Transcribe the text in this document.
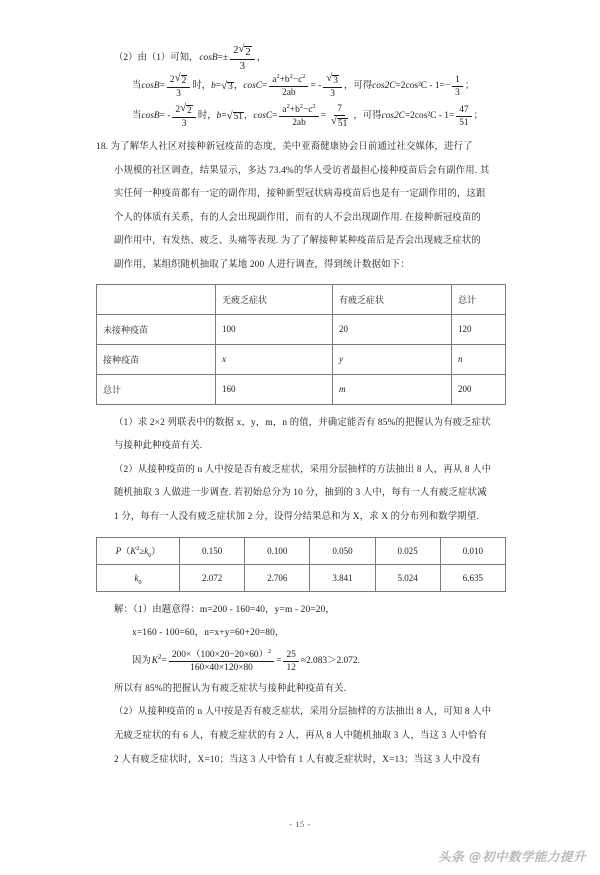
（2）由（1）可知， $\cos B =\pm \frac{2 √ 2}{3}$ ，
当 $\cos B = \frac{2 √ 2}{3}$ 时， b = √ 3 ， $\cos C = \frac{a^2+b^2-c^2}{2ab}$ = - $\frac{√ 3}{3}$ ，可得 $\cos 2C =2\cos^2C - 1= - \frac{1}{3}$ ；
当 cosB = - $\frac{2 √ 2}{3}$ 时， b = √ 51 ， $\cos C = \frac{a^2+b^2-c^2}{2ab} = \frac{7}{√ 51}$ ，可得 $\cos 2C =2\cos^2C - 1= \frac{47}{51}$ ；
18. 为了解华人社区对接种新冠疫苗的态度，美中亚裔健康协会日前通过社交媒体，进行了
小规模的社区调查，结果显示，多达 73.4%的华人受访者最担心接种疫苗后会有副作用. 其
实任何一种疫苗都有一定的副作用，接种新型冠状病毒疫苗后也是有一定副作用的，这跟
个人的体质有关系，有的人会出现副作用，而有的人不会出现副作用. 在接种新冠疫苗的
副作用中，有发热、疲乏、头痛等表现. 为了了解接种某种疫苗后是否会出现疲乏症状的
副作用，某组织随机抽取了某地 200 人进行调查，得到统计数据如下：
	无疲乏症状	有疲乏症状	总计
未接种疫苗	100	20	120
接种疫苗	x	y	n
总计	160	m	200
（1）求 2×2 列联表中的数据 x，y，m，n 的值，并确定能否有 85%的把握认为有疲乏症状
与接种此种疫苗有关.
（2）从接种疫苗的 n 人中按是否有疲乏症状，采用分层抽样的方法抽出 8 人，再从 8 人中
随机抽取 3 人做进一步调查. 若初始总分为 10 分，抽到的 3 人中，每有一人有疲乏症状减
1 分，每有一人没有疲乏症状加 2 分，设得分结果总和为 X，求 X 的分布列和数学期望.
$P(K^2\ge k_0)$	0.150	0.100	0.050	0.025	0.010
$k_0$	2.072	2.706	3.841	5.024	6.635
解：（1）由题意得：m=200 - 160=40，y=m - 20=20，
x=160 - 100=60，n=x+y=60+20=80，
因为 K $2 = \frac{200\times(100\times 20-20\times 60)^2}{160\times 40\times 120\times 80} = \frac{25}{12} \approx 2.083>2.072$.
所以有 85%的把握认为有疲乏症状与接种此种疫苗有关.
（2）从接种疫苗的 n 人中按是否有疲乏症状，采用分层抽样的方法抽出 8 人，可知 8 人中
无疲乏症状的有 6 人，有疲乏症状的有 2 人，再从 8 人中随机抽取 3 人，当这 3 人中恰有
2 人有疲乏症状时，X=10；当这 3 人中恰有 1 人有疲乏症状时，X=13；当这 3 人中没有
- 15 -
头条 @初中数学能力提升
